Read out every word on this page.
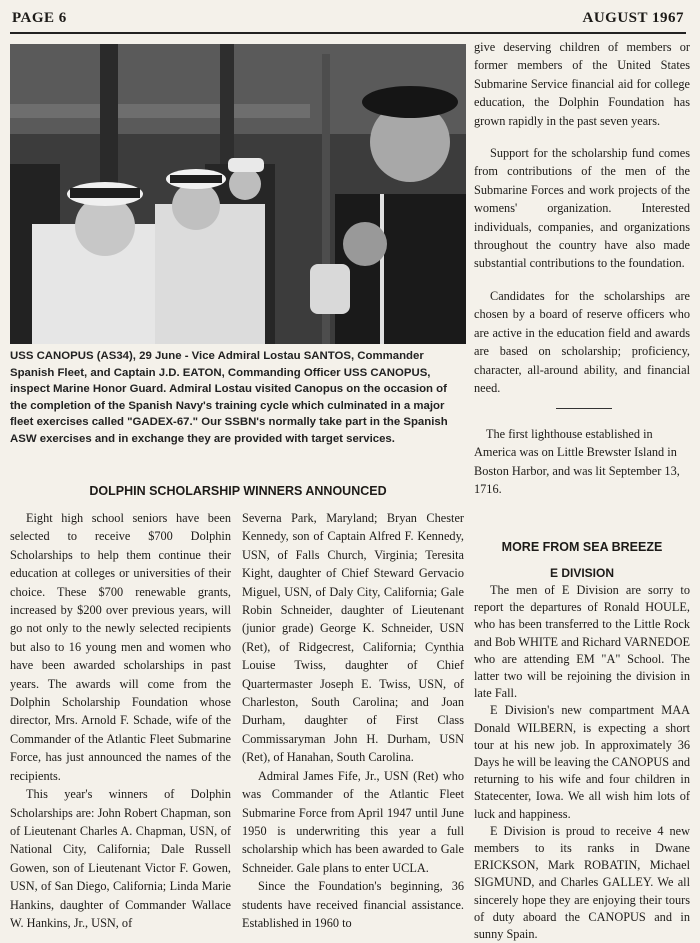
PAGE 6	AUGUST 1967
USS CANOPUS (AS34), 29 June - Vice Admiral Lostau SANTOS, Commander Spanish Fleet, and Captain J.D. EATON, Commanding Officer USS CANOPUS, inspect Marine Honor Guard. Admiral Lostau visited Canopus on the occasion of the completion of the Spanish Navy's training cycle which culminated in a major fleet exercises called "GADEX-67." Our SSBN's normally take part in the Spanish ASW exercises and in exchange they are provided with target services.

give deserving children of members or former members of the United States Submarine Service financial aid for college education, the Dolphin Foundation has grown rapidly in the past seven years.

Support for the scholarship fund comes from contributions of the men of the Submarine Forces and work projects of the womens' organization. Interested individuals, companies, and organizations throughout the country have also made substantial contributions to the foundation.

Candidates for the scholarships are chosen by a board of reserve officers who are active in the education field and awards are based on scholarship; proficiency, character, all-around ability, and financial need.

The first lighthouse established in America was on Little Brewster Island in Boston Harbor, and was lit September 13, 1716.

DOLPHIN SCHOLARSHIP WINNERS ANNOUNCED

Eight high school seniors have been selected to receive $700 Dolphin Scholarships to help them continue their education at colleges or universities of their choice. These $700 renewable grants, increased by $200 over previous years, will go not only to the newly selected recipients but also to 16 young men and women who have been awarded scholarships in past years. The awards will come from the Dolphin Scholarship Foundation whose director, Mrs. Arnold F. Schade, wife of the Commander of the Atlantic Fleet Submarine Force, has just announced the names of the recipients.

This year's winners of Dolphin Scholarships are: John Robert Chapman, son of Lieutenant Charles A. Chapman, USN, of National City, California; Dale Russell Gowen, son of Lieutenant Victor F. Gowen, USN, of San Diego, California; Linda Marie Hankins, daughter of Commander Wallace W. Hankins, Jr., USN, of

Severna Park, Maryland; Bryan Chester Kennedy, son of Captain Alfred F. Kennedy, USN, of Falls Church, Virginia; Teresita Kight, daughter of Chief Steward Gervacio Miguel, USN, of Daly City, California; Gale Robin Schneider, daughter of Lieutenant (junior grade) George K. Schneider, USN (Ret), of Ridgecrest, California; Cynthia Louise Twiss, daughter of Chief Quartermaster Joseph E. Twiss, USN, of Charleston, South Carolina; and Joan Durham, daughter of First Class Commissaryman John H. Durham, USN (Ret), of Hanahan, South Carolina.

Admiral James Fife, Jr., USN (Ret) who was Commander of the Atlantic Fleet Submarine Force from April 1947 until June 1950 is underwriting this year a full scholarship which has been awarded to Gale Schneider. Gale plans to enter UCLA.

Since the Foundation's beginning, 36 students have received financial assistance. Established in 1960 to

MORE FROM SEA BREEZE
E DIVISION

The men of E Division are sorry to report the departures of Ronald HOULE, who has been transferred to the Little Rock and Bob WHITE and Richard VARNEDOE who are attending EM "A" School. The latter two will be rejoining the division in late Fall.

E Division's new compartment MAA Donald WILBERN, is expecting a short tour at his new job. In approximately 36 Days he will be leaving the CANOPUS and returning to his wife and four children in Statecenter, Iowa. We all wish him lots of luck and happiness.

E Division is proud to receive 4 new members to its ranks in Dwane ERICKSON, Mark ROBATIN, Michael SIGMUND, and Charles GALLEY. We all sincerely hope they are enjoying their tours of duty aboard the CANOPUS and in sunny Spain.
